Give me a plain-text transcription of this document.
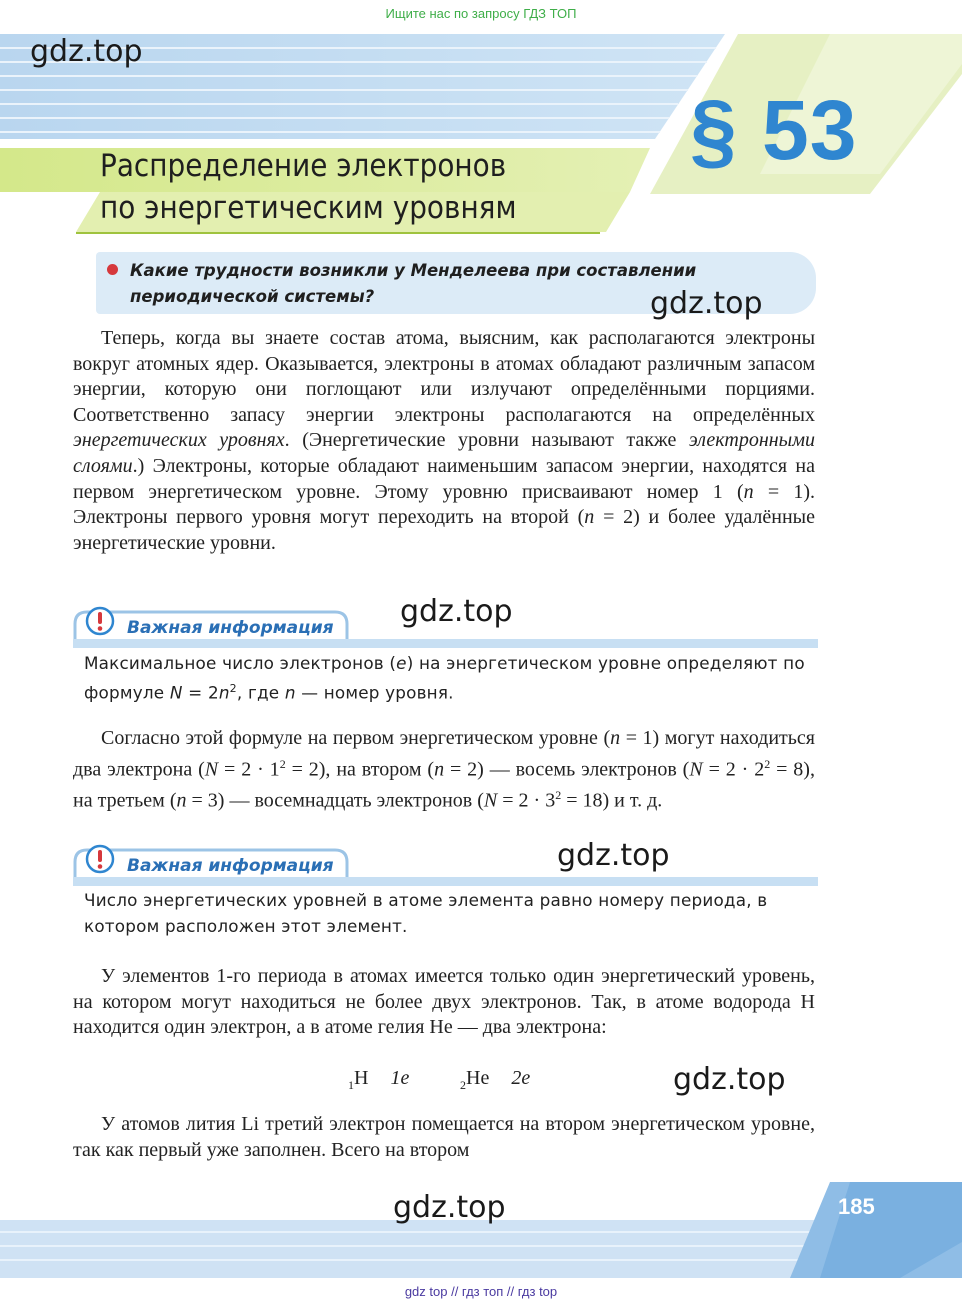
Ищите нас по запросу ГДЗ ТОП
gdz.top
§ 53
Распределение электронов
по энергетическим уровням
Какие трудности возникли у Менделеева при составлении
периодической системы?	gdz.top

Теперь, когда вы знаете состав атома, выясним, как располагаются электроны вокруг атомных ядер. Оказывается, электроны в атомах обладают различным запасом энергии, которую они поглощают или излучают определёнными порциями. Соответственно запасу энергии электроны располагаются на определённых энергетических уровнях. (Энергетические уровни называют также электронными слоями.) Электроны, которые обладают наименьшим запасом энергии, находятся на первом энергетическом уровне. Этому уровню присваивают номер 1 (n = 1). Электроны первого уровня могут переходить на второй (n = 2) и более удалённые энергетические уровни.

Важная информация gdz.top
Максимальное число электронов (e) на энергетическом уровне определяют по формуле $N = 2n^2$, где n — номер уровня.

Согласно этой формуле на первом энергетическом уровне (n = 1) могут находиться два электрона $(N = 2 \cdot 1^2 = 2)$, на втором (n = 2) — восемь электронов $(N = 2 \cdot 2^2 = 8)$, на третьем (n = 3) — восемнадцать электронов $(N = 2 \cdot 3^2 = 18)$ и т. д.

Важная информация	gdz.top
Число энергетических уровней в атоме элемента равно номеру периода, в котором расположен этот элемент.

У элементов 1-го периода в атомах имеется только один энергетический уровень, на котором могут находиться не более двух электронов. Так, в атоме водорода H находится один электрон, а в атоме гелия He — два электрона:

$_1$H 1e	$_2$He 2e	gdz.top

У атомов лития Li третий электрон помещается на втором энергетическом уровне, так как первый уже заполнен. Всего на втором

gdz.top	185
gdz top // гдз топ // гдз top
